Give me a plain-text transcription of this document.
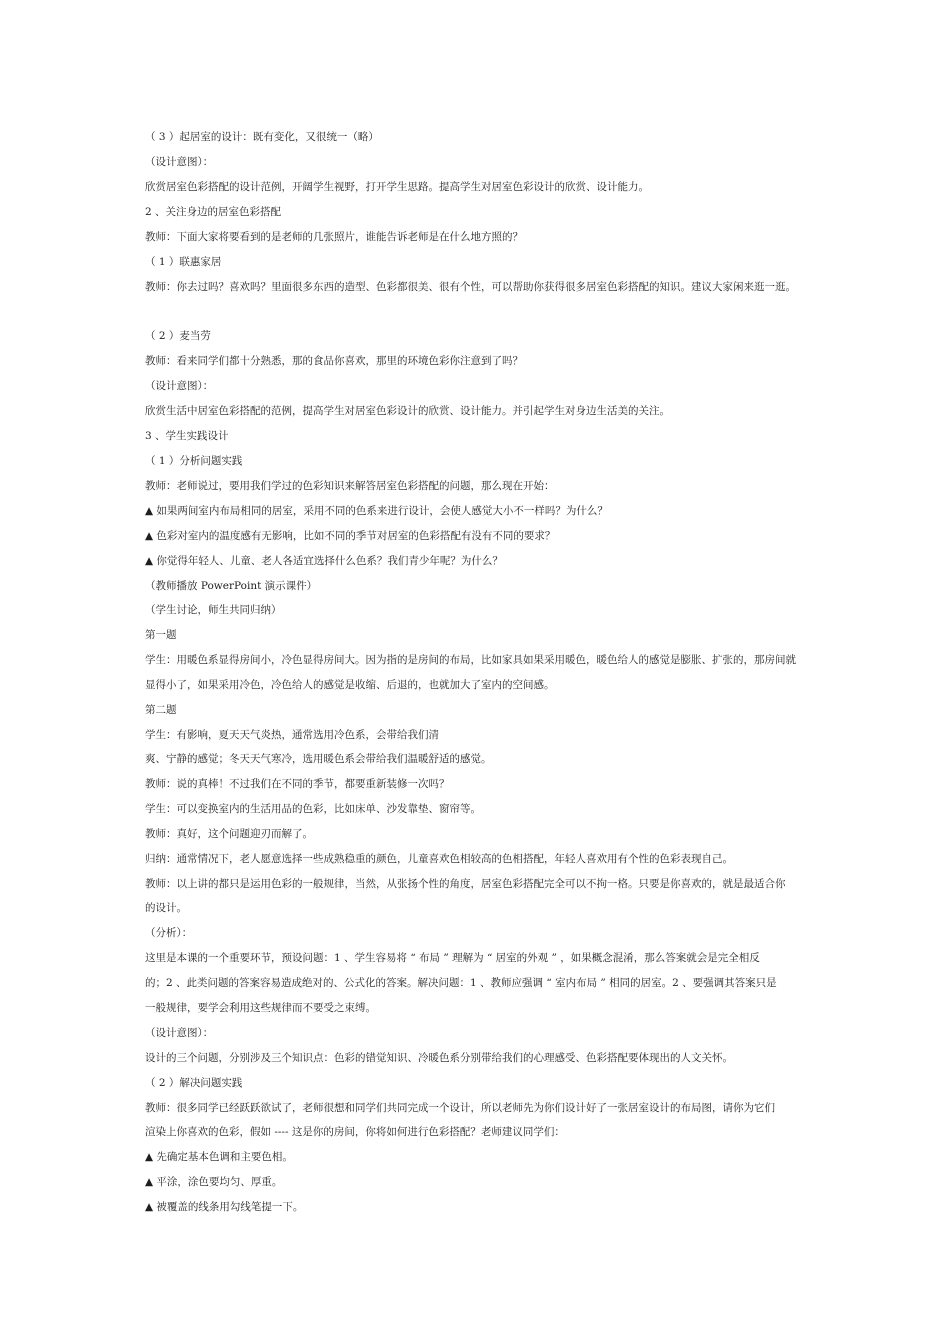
（ 3 ）起居室的设计：既有变化，又很统一（略）
（设计意图）：
欣赏居室色彩搭配的设计范例，开阔学生视野，打开学生思路。提高学生对居室色彩设计的欣赏、设计能力。
2 、关注身边的居室色彩搭配
教师：下面大家将要看到的是老师的几张照片，谁能告诉老师是在什么地方照的？
（ 1 ）联惠家居
教师：你去过吗？喜欢吗？里面很多东西的造型、色彩都很美、很有个性，可以帮助你获得很多居室色彩搭配的知识。建议大家闲来逛一逛。
（ 2 ）麦当劳
教师：看来同学们都十分熟悉，那的食品你喜欢，那里的环境色彩你注意到了吗？
（设计意图）：
欣赏生活中居室色彩搭配的范例，提高学生对居室色彩设计的欣赏、设计能力。并引起学生对身边生活美的关注。
3 、学生实践设计
（ 1 ）分析问题实践
教师：老师说过，要用我们学过的色彩知识来解答居室色彩搭配的问题，那么现在开始：
▲ 如果两间室内布局相同的居室，采用不同的色系来进行设计，会使人感觉大小不一样吗？为什么？
▲ 色彩对室内的温度感有无影响，比如不同的季节对居室的色彩搭配有没有不同的要求？
▲ 你觉得年轻人、儿童、老人各适宜选择什么色系？我们青少年呢？为什么？
（教师播放 PowerPoint 演示课件）
（学生讨论，师生共同归纳）
第一题
学生：用暖色系显得房间小，冷色显得房间大。因为指的是房间的布局，比如家具如果采用暖色，暖色给人的感觉是膨胀、扩张的，那房间就
显得小了，如果采用冷色，冷色给人的感觉是收缩、后退的，也就加大了室内的空间感。
第二题
学生：有影响，夏天天气炎热，通常选用冷色系，会带给我们清
爽、宁静的感觉；冬天天气寒冷，选用暖色系会带给我们温暖舒适的感觉。
教师：说的真棒！不过我们在不同的季节，都要重新装修一次吗？
学生：可以变换室内的生活用品的色彩，比如床单、沙发靠垫、窗帘等。
教师：真好，这个问题迎刃而解了。
归纳：通常情况下，老人愿意选择一些成熟稳重的颜色，儿童喜欢色相较高的色相搭配，年轻人喜欢用有个性的色彩表现自己。
教师：以上讲的都只是运用色彩的一般规律，当然，从张扬个性的角度，居室色彩搭配完全可以不拘一格。只要是你喜欢的，就是最适合你
的设计。
（分析）：
这里是本课的一个重要环节，预设问题：1 、学生容易将 “ 布局 ” 理解为 “ 居室的外观 ” ，如果概念混淆，那么答案就会是完全相反
的；2 、此类问题的答案容易造成绝对的、公式化的答案。解决问题：1 、教师应强调 “ 室内布局 ” 相同的居室。2 、要强调其答案只是
一般规律，要学会利用这些规律而不要受之束缚。
（设计意图）：
设计的三个问题，分别涉及三个知识点：色彩的错觉知识、冷暖色系分别带给我们的心理感受、色彩搭配要体现出的人文关怀。
（ 2 ）解决问题实践
教师：很多同学已经跃跃欲试了，老师很想和同学们共同完成一个设计，所以老师先为你们设计好了一张居室设计的布局图，请你为它们
渲染上你喜欢的色彩，假如 ---- 这是你的房间，你将如何进行色彩搭配？老师建议同学们：
▲ 先确定基本色调和主要色相。
▲ 平涂，涂色要均匀、厚重。
▲ 被覆盖的线条用勾线笔提一下。
